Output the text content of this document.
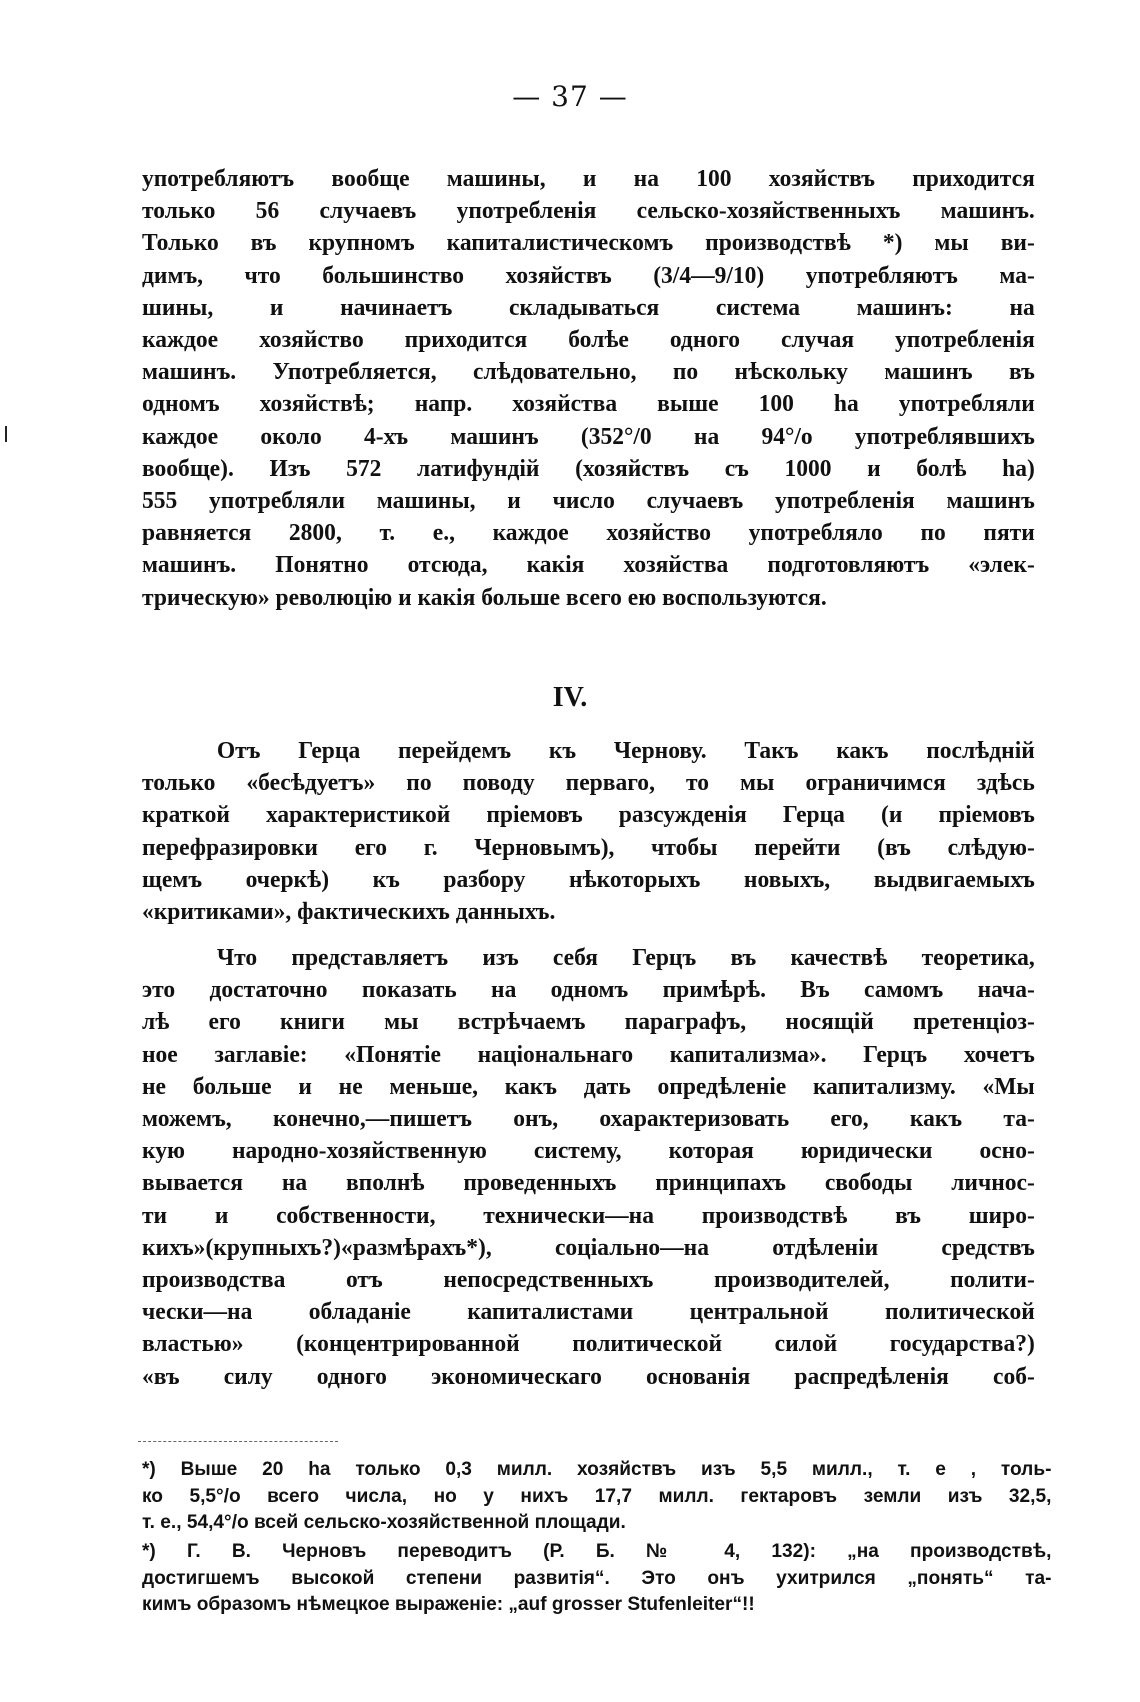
— 37 —
употребляютъ вообще машины, и на 100 хозяйствъ приходится
только 56 случаевъ употребленія сельско-хозяйственныхъ машинъ.
Только въ крупномъ капиталистическомъ производствѣ *) мы ви-
димъ, что большинство хозяйствъ (3/4—9/10) употребляютъ ма-
шины, и начинаетъ складываться система машинъ: на
каждое хозяйство приходится болѣе одного случая употребленія
машинъ. Употребляется, слѣдовательно, по нѣскольку машинъ въ
одномъ хозяйствѣ; напр. хозяйства выше 100 ha употребляли
каждое около 4-хъ машинъ (352°/0 на 94°/о употреблявшихъ
вообще). Изъ 572 латифундій (хозяйствъ съ 1000 и болѣ ha)
555 употребляли машины, и число случаевъ употребленія машинъ
равняется 2800, т. е., каждое хозяйство употребляло по пяти
машинъ. Понятно отсюда, какія хозяйства подготовляютъ «элек-
трическую» революцію и какія больше всего ею воспользуются.
IV.
Отъ Герца перейдемъ къ Чернову. Такъ какъ послѣдній
только «бесѣдуетъ» по поводу перваго, то мы ограничимся здѣсь
краткой характеристикой пріемовъ разсужденія Герца (и пріемовъ
перефразировки его г. Черновымъ), чтобы перейти (въ слѣдую-
щемъ очеркѣ) къ разбору нѣкоторыхъ новыхъ, выдвигаемыхъ
«критиками», фактическихъ данныхъ.
Что представляетъ изъ себя Герцъ въ качествѣ теоретика,
это достаточно показать на одномъ примѣрѣ. Въ самомъ нача-
лѣ его книги мы встрѣчаемъ параграфъ, носящій претенціоз-
ное заглавіе: «Понятіе національнаго капитализма». Герцъ хочетъ
не больше и не меньше, какъ дать опредѣленіе капитализму. «Мы
можемъ, конечно,—пишетъ онъ, охарактеризовать его, какъ та-
кую народно-хозяйственную систему, которая юридически осно-
вывается на вполнѣ проведенныхъ принципахъ свободы личноc-
ти и собственности, технически—на производствѣ въ широ-
кихъ»(крупныхъ?)«размѣрахъ*), соціально—на отдѣленіи средствъ
производства отъ непосредственныхъ производителей, полити-
чески—на обладаніе капиталистами центральной политической
властью» (концентрированной политической силой государства?)
«въ силу одного экономическаго основанія распредѣленія соб-
*) Выше 20 ha только 0,3 милл. хозяйствъ изъ 5,5 милл., т. е , толь-
ко 5,5°/о всего числа, но у нихъ 17,7 милл. гектаровъ земли изъ 32,5,
т. е., 54,4°/о всей сельско-хозяйственной площади.
*) Г. В. Черновъ переводитъ (Р. Б. № 4, 132): „на производствѣ,
достигшемъ высокой степени развитія“. Это онъ ухитрился „понять“ та-
кимъ образомъ нѣмецкое выраженіе: „auf grosser Stufenleiter“!!
